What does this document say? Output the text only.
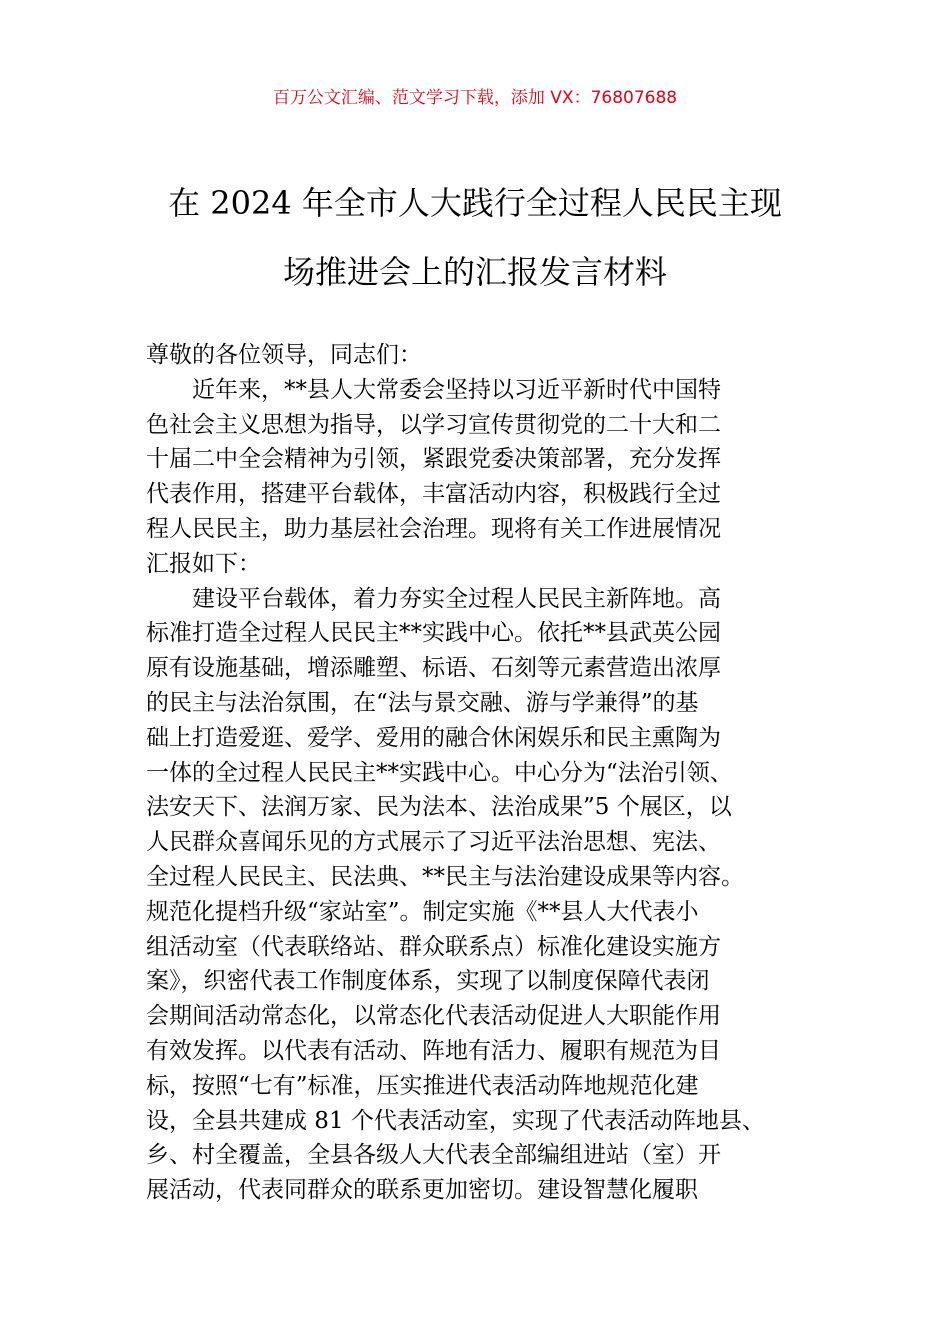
百万公文汇编、范文学习下载，添加 VX：76807688
在 2024 年全市人大践行全过程人民民主现
场推进会上的汇报发言材料
尊敬的各位领导，同志们：
近年来，**县人大常委会坚持以习近平新时代中国特
色社会主义思想为指导，以学习宣传贯彻党的二十大和二
十届二中全会精神为引领，紧跟党委决策部署，充分发挥
代表作用，搭建平台载体，丰富活动内容，积极践行全过
程人民民主，助力基层社会治理。现将有关工作进展情况
汇报如下：
建设平台载体，着力夯实全过程人民民主新阵地。高
标准打造全过程人民民主**实践中心。依托**县武英公园
原有设施基础，增添雕塑、标语、石刻等元素营造出浓厚
的民主与法治氛围，在“法与景交融、游与学兼得”的基
础上打造爱逛、爱学、爱用的融合休闲娱乐和民主熏陶为
一体的全过程人民民主**实践中心。中心分为“法治引领、
法安天下、法润万家、民为法本、法治成果”5 个展区，以
人民群众喜闻乐见的方式展示了习近平法治思想、宪法、
全过程人民民主、民法典、**民主与法治建设成果等内容。
规范化提档升级“家站室”。制定实施《**县人大代表小
组活动室（代表联络站、群众联系点）标准化建设实施方
案》，织密代表工作制度体系，实现了以制度保障代表闭
会期间活动常态化，以常态化代表活动促进人大职能作用
有效发挥。以代表有活动、阵地有活力、履职有规范为目
标，按照“七有”标准，压实推进代表活动阵地规范化建
设，全县共建成 81 个代表活动室，实现了代表活动阵地县、
乡、村全覆盖，全县各级人大代表全部编组进站（室）开
展活动，代表同群众的联系更加密切。建设智慧化履职
